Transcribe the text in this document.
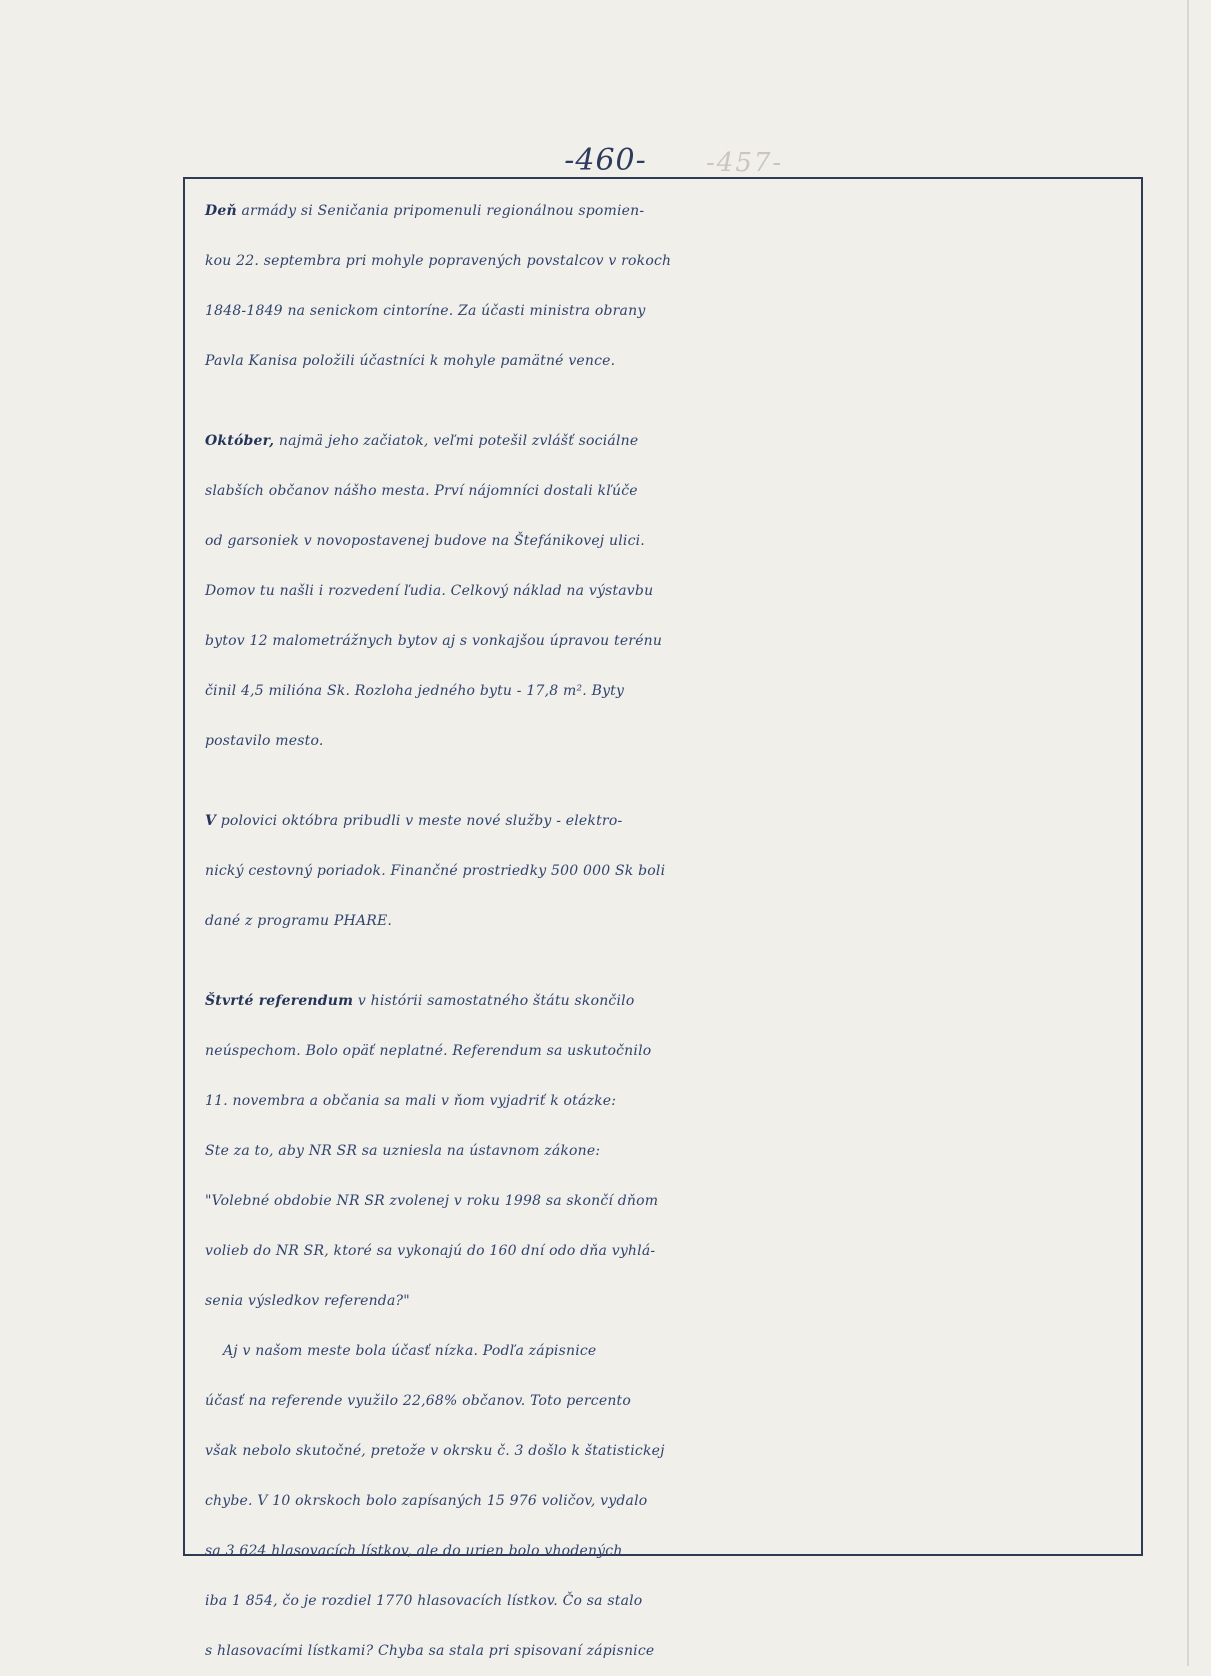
-457-
-460-
Deň armády si Seničania pripomenuli regionálnou spomien-
kou 22. septembra pri mohyle popravených povstalcov v rokoch
1848-1849 na senickom cintoríne. Za účasti ministra obrany
Pavla Kanisa položili účastníci k mohyle pamätné vence.
Október, najmä jeho začiatok, veľmi potešil zvlášť sociálne
slabších občanov nášho mesta. Prví nájomníci dostali kľúče
od garsoniek v novopostavenej budove na Štefánikovej ulici.
Domov tu našli i rozvedení ľudia. Celkový náklad na výstavbu
bytov 12 malometrážnych bytov aj s vonkajšou úpravou terénu
činil 4,5 milióna Sk. Rozloha jedného bytu - 17,8 m². Byty
postavilo mesto.
V polovici októbra pribudli v meste nové služby - elektro-
nický cestovný poriadok. Finančné prostriedky 500 000 Sk boli
dané z programu PHARE.
Štvrté referendum v histórii samostatného štátu skončilo
neúspechom. Bolo opäť neplatné. Referendum sa uskutočnilo
11. novembra a občania sa mali v ňom vyjadriť k otázke:
Ste za to, aby NR SR sa uzniesla na ústavnom zákone:
"Volebné obdobie NR SR zvolenej v roku 1998 sa skončí dňom
volieb do NR SR, ktoré sa vykonajú do 160 dní odo dňa vyhlá-
senia výsledkov referenda?"
Aj v našom meste bola účasť nízka. Podľa zápisnice
účasť na referende využilo 22,68% občanov. Toto percento
však nebolo skutočné, pretože v okrsku č. 3 došlo k štatistickej
chybe. V 10 okrskoch bolo zapísaných 15 976 voličov, vydalo
sa 3 624 hlasovacích lístkov, ale do urien bolo vhodených
iba 1 854, čo je rozdiel 1770 hlasovacích lístkov. Čo sa stalo
s hlasovacími lístkami? Chyba sa stala pri spisovaní zápisnice
